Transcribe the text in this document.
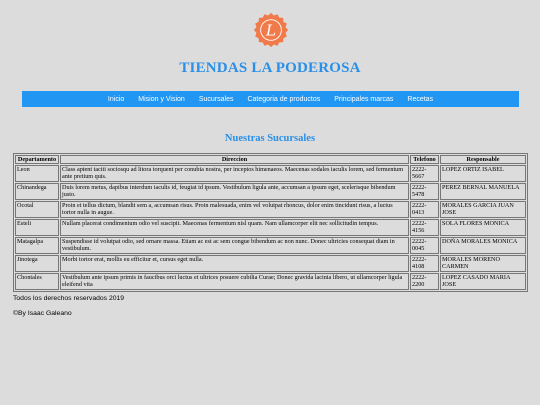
L
TIENDAS LA PODEROSA
Inicio Mision y Vision Sucursales Categoria de productos Principales marcas Recetas
Nuestras Sucursales
Departamento	Direccion	Telefono	Responsable
Leon	Class aptent taciti sociosqu ad litora torquent per conubia nostra, per inceptos himenaeos. Maecenas sodales iaculis lorem, sed fermentum ante pretium quis.	2222-5667	LOPEZ ORTIZ ISABEL
Chinandega	Duis lorem metus, dapibus interdum iaculis id, feugiat id ipsum. Vestibulum ligula ante, accumsan a ipsum eget, scelerisque bibendum justo.	2222-5478	PEREZ BERNAL MANUELA
Ocotal	Proin et tellus dictum, blandit sem a, accumsan risus. Proin malesuada, enim vel volutpat rhoncus, dolor enim tincidunt risus, a luctus tortor nulla in augue.	2222-0413	MORALES GARCIA JUAN JOSE
Esteli	Nullam placerat condimentum odio vel suscipit. Maecenas fermentum nisl quam. Nam ullamcorper elit nec sollicitudin tempus.	2222-4156	SOLA FLORES MONICA
Matagalpa	Suspendisse id volutpat odio, sed ornare massa. Etiam ac est ac sem congue bibendum ac non nunc. Donec ultricies consequat diam in vestibulum.	2222-0045	DOÑA MORALES MONICA
Jinotega	Morbi tortor erat, mollis eu efficitur et, cursus eget nulla.	2222-4108	MORALES MORENO CARMEN
Chontales	Vestibulum ante ipsum primis in faucibus orci luctus et ultrices posuere cubilia Curae; Donec gravida lacinia libero, ut ullamcorper ligula eleifend vita	2222-2200	LOPEZ CASADO MARIA JOSE
Todos los derechos reservados 2019
©By Isaac Galeano
